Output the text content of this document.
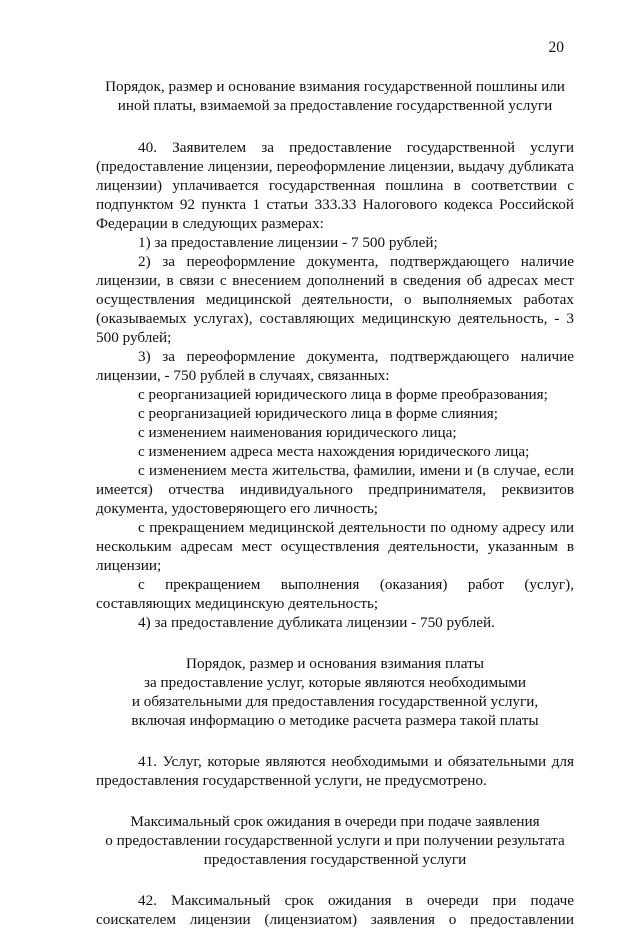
20

Порядок, размер и основание взимания государственной пошлины или иной платы, взимаемой за предоставление государственной услуги

40. Заявителем за предоставление государственной услуги (предоставление лицензии, переоформление лицензии, выдачу дубликата лицензии) уплачивается государственная пошлина в соответствии с подпунктом 92 пункта 1 статьи 333.33 Налогового кодекса Российской Федерации в следующих размерах:

1) за предоставление лицензии - 7 500 рублей;

2) за переоформление документа, подтверждающего наличие лицензии, в связи с внесением дополнений в сведения об адресах мест осуществления медицинской деятельности, о выполняемых работах (оказываемых услугах), составляющих медицинскую деятельность, - 3 500 рублей;

3) за переоформление документа, подтверждающего наличие лицензии, - 750 рублей в случаях, связанных:

с реорганизацией юридического лица в форме преобразования;

с реорганизацией юридического лица в форме слияния;

с изменением наименования юридического лица;

с изменением адреса места нахождения юридического лица;

с изменением места жительства, фамилии, имени и (в случае, если имеется) отчества индивидуального предпринимателя, реквизитов документа, удостоверяющего его личность;

с прекращением медицинской деятельности по одному адресу или нескольким адресам мест осуществления деятельности, указанным в лицензии;

с прекращением выполнения (оказания) работ (услуг), составляющих медицинскую деятельность;

4) за предоставление дубликата лицензии - 750 рублей.

Порядок, размер и основания взимания платы

за предоставление услуг, которые являются необходимыми

и обязательными для предоставления государственной услуги,

включая информацию о методике расчета размера такой платы

41. Услуг, которые являются необходимыми и обязательными для предоставления государственной услуги, не предусмотрено.

Максимальный срок ожидания в очереди при подаче заявления

о предоставлении государственной услуги и при получении результата

предоставления государственной услуги

42. Максимальный срок ожидания в очереди при подаче соискателем лицензии (лицензиатом) заявления о предоставлении
